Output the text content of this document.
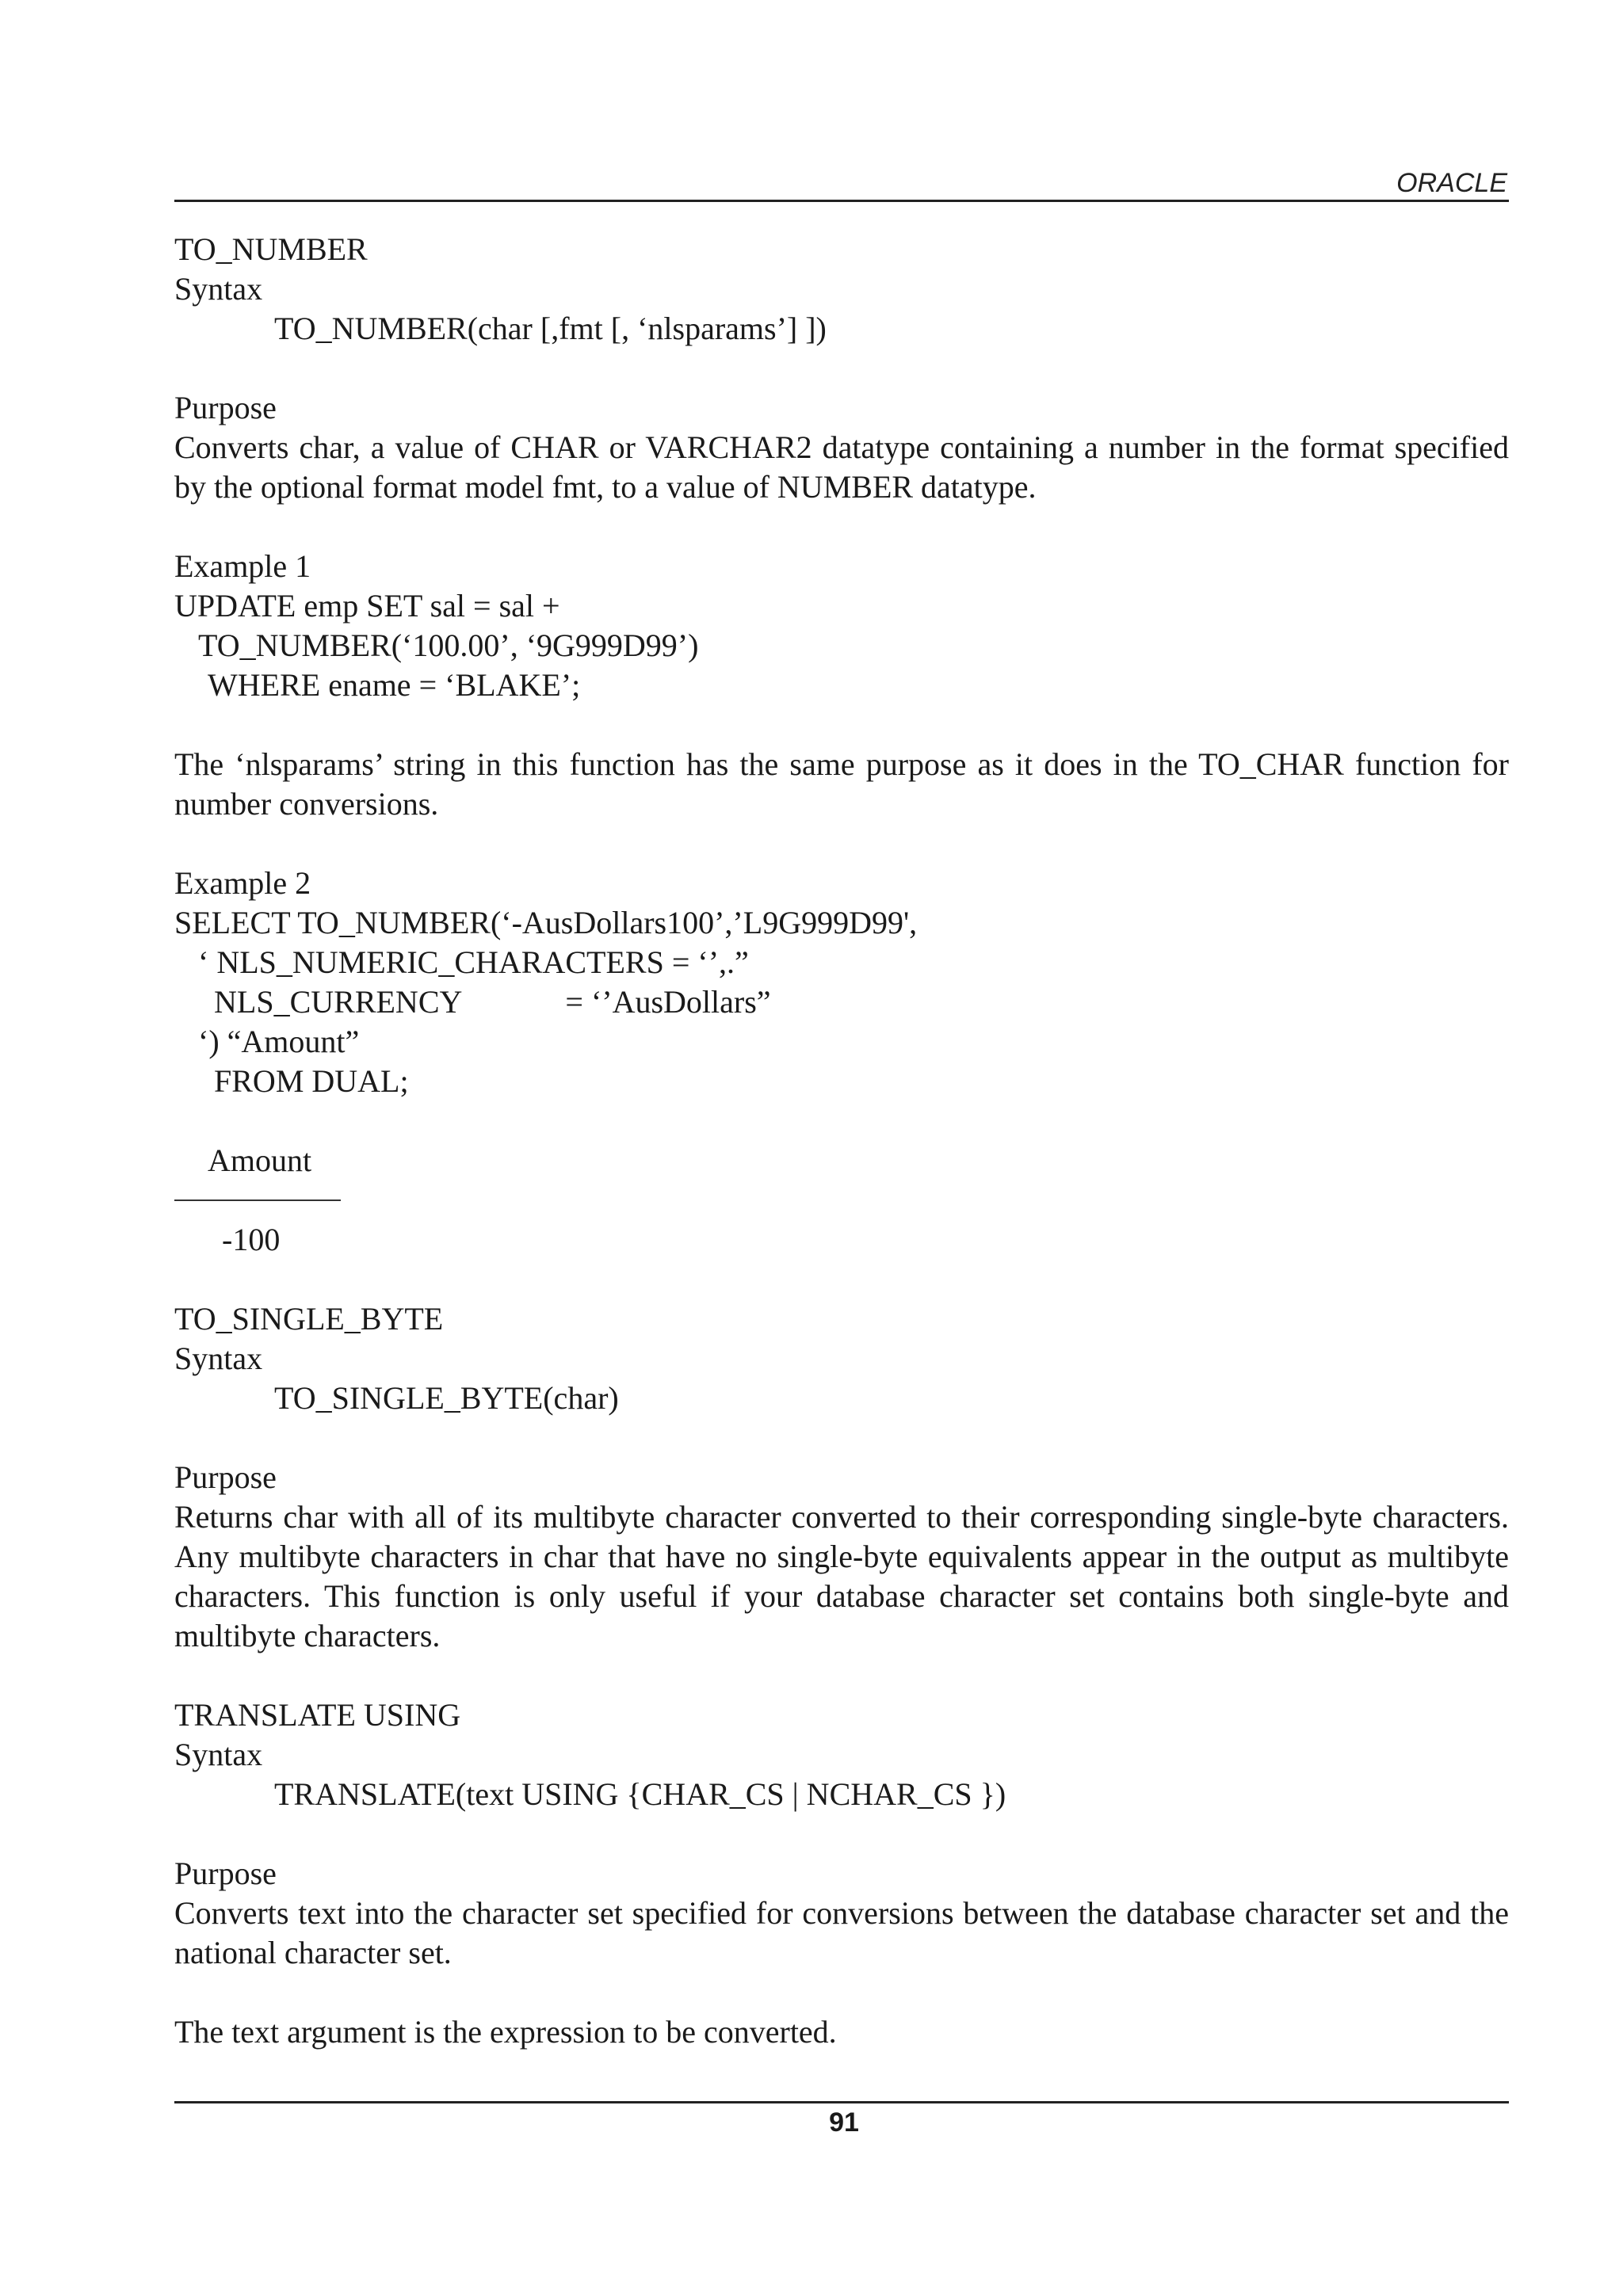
ORACLE
TO_NUMBER
Syntax
TO_NUMBER(char [,fmt [, ‘nlsparams’] ])
Purpose
Converts char, a value of CHAR or VARCHAR2 datatype containing a number in the format specified by the optional format model fmt, to a value of NUMBER datatype.
Example 1
UPDATE emp SET sal = sal +
TO_NUMBER(‘100.00’, ‘9G999D99’)
WHERE ename = ‘BLAKE’;
The ‘nlsparams’ string in this function has the same purpose as it does in the TO_CHAR function for number conversions.
Example 2
SELECT TO_NUMBER(‘-AusDollars100’,’L9G999D99',
‘ NLS_NUMERIC_CHARACTERS = ‘’,.”
NLS_CURRENCY	= ‘’AusDollars”
‘) “Amount”
FROM DUAL;
Amount
-100
TO_SINGLE_BYTE
Syntax
TO_SINGLE_BYTE(char)
Purpose
Returns char with all of its multibyte character converted to their corresponding single-byte characters. Any multibyte characters in char that have no single-byte equivalents appear in the output as multibyte characters. This function is only useful if your database character set contains both single-byte and multibyte characters.
TRANSLATE USING
Syntax
TRANSLATE(text USING {CHAR_CS | NCHAR_CS })
Purpose
Converts text into the character set specified for conversions between the database character set and the national character set.
The text argument is the expression to be converted.
91
